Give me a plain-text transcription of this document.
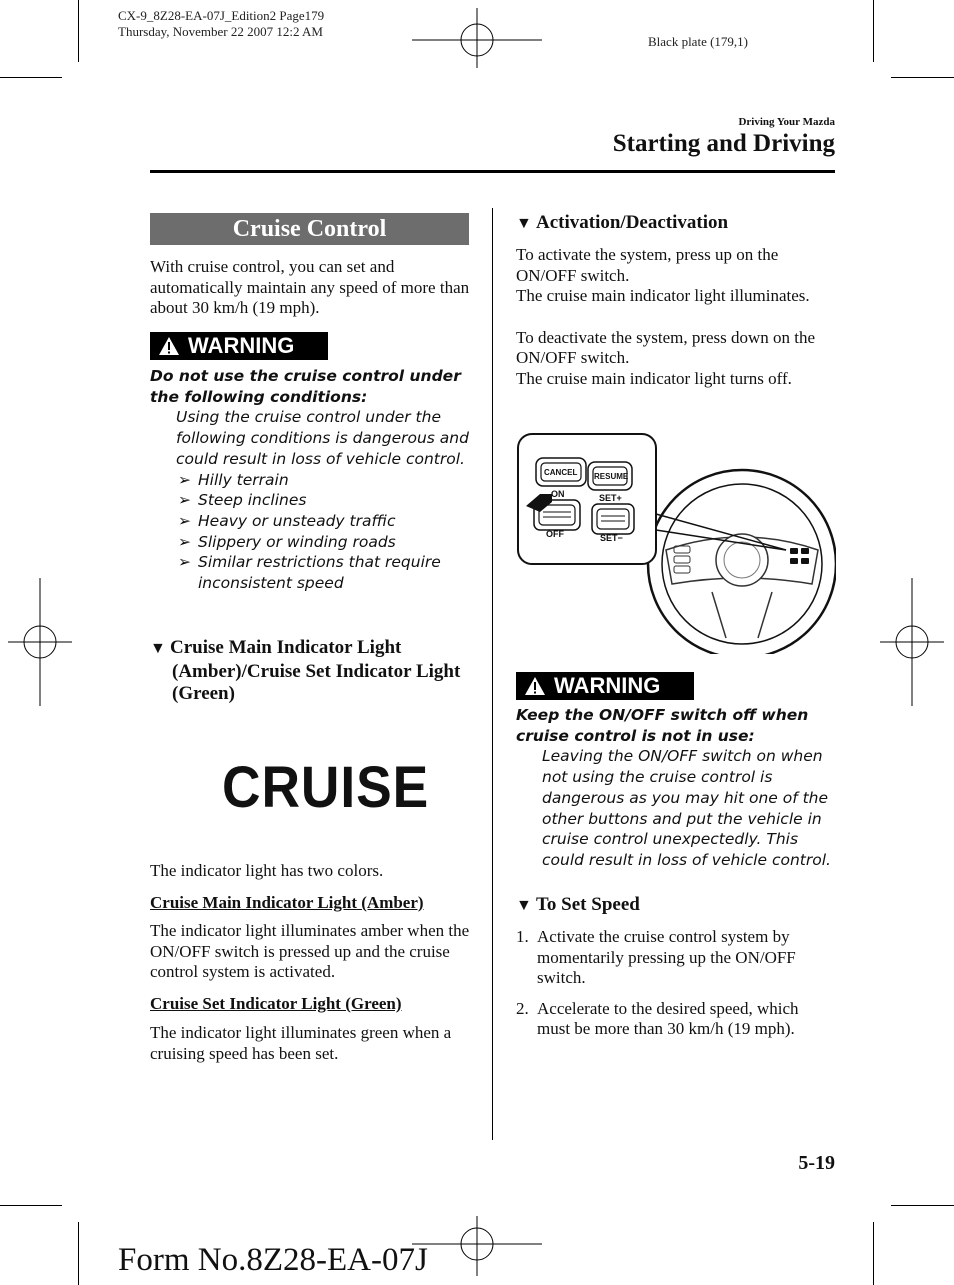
CX-9_8Z28-EA-07J_Edition2 Page179
Thursday, November 22 2007 12:2 AM
Black plate (179,1)
Driving Your Mazda
Starting and Driving
Cruise Control
With cruise control, you can set and automatically maintain any speed of more than about 30 km/h (19 mph).
WARNING
Do not use the cruise control under the following conditions:
Using the cruise control under the following conditions is dangerous and could result in loss of vehicle control.
➢ Hilly terrain
➢ Steep inclines
➢ Heavy or unsteady traffic
➢ Slippery or winding roads
➢ Similar restrictions that require inconsistent speed
▼ Cruise Main Indicator Light
(Amber)/Cruise Set Indicator Light (Green)
CRUISE
The indicator light has two colors.
Cruise Main Indicator Light (Amber)
The indicator light illuminates amber when the ON/OFF switch is pressed up and the cruise control system is activated.
Cruise Set Indicator Light (Green)
The indicator light illuminates green when a cruising speed has been set.
▼ Activation/Deactivation
To activate the system, press up on the ON/OFF switch.
The cruise main indicator light illuminates.
To deactivate the system, press down on the ON/OFF switch.
The cruise main indicator light turns off.
CANCEL RESUME
ON	SET+
OFF	SET−
WARNING
Keep the ON/OFF switch off when cruise control is not in use:
Leaving the ON/OFF switch on when not using the cruise control is dangerous as you may hit one of the other buttons and put the vehicle in cruise control unexpectedly. This could result in loss of vehicle control.
▼ To Set Speed
1. Activate the cruise control system by momentarily pressing up the ON/OFF switch.
2. Accelerate to the desired speed, which must be more than 30 km/h (19 mph).
5-19
Form No.8Z28-EA-07J
